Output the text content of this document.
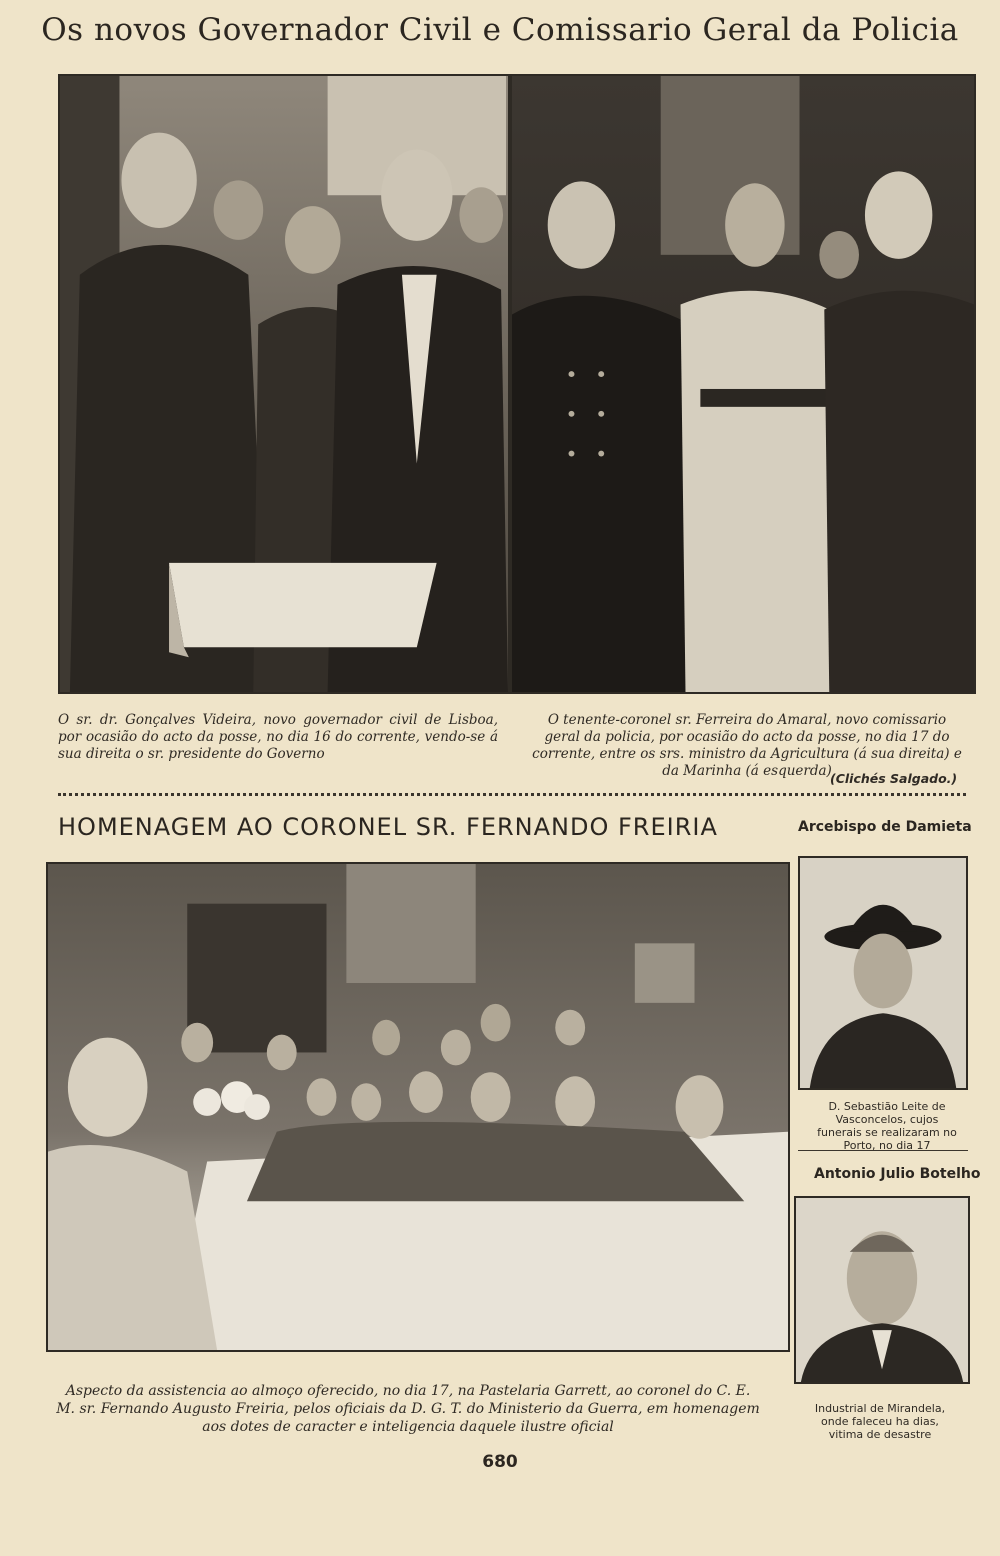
Os novos Governador Civil e Comissario Geral da Policia
O sr. dr. Gonçalves Videira, novo governador civil de Lisboa, por ocasião do acto da posse, no dia 16 do corrente, vendo-se á sua direita o sr. presidente do Governo
O tenente-coronel sr. Ferreira do Amaral, novo comissario geral da policia, por ocasião do acto da posse, no dia 17 do corrente, entre os srs. ministro da Agricultura (á sua direita) e da Marinha (á esquerda)
(Clichés Salgado.)
HOMENAGEM AO CORONEL SR. FERNANDO FREIRIA	Arcebispo de Damieta
D. Sebastião Leite de Vasconcelos, cujos funerais se realizaram no Porto, no dia 17
Antonio Julio Botelho
Aspecto da assistencia ao almoço oferecido, no dia 17, na Pastelaria Garrett, ao coronel do C. E. M. sr. Fernando Augusto Freiria, pelos oficiais da D. G. T. do Ministerio da Guerra, em homenagem aos dotes de caracter e inteligencia daquele ilustre oficial
Industrial de Mirandela, onde faleceu ha dias, vitima de desastre
680
